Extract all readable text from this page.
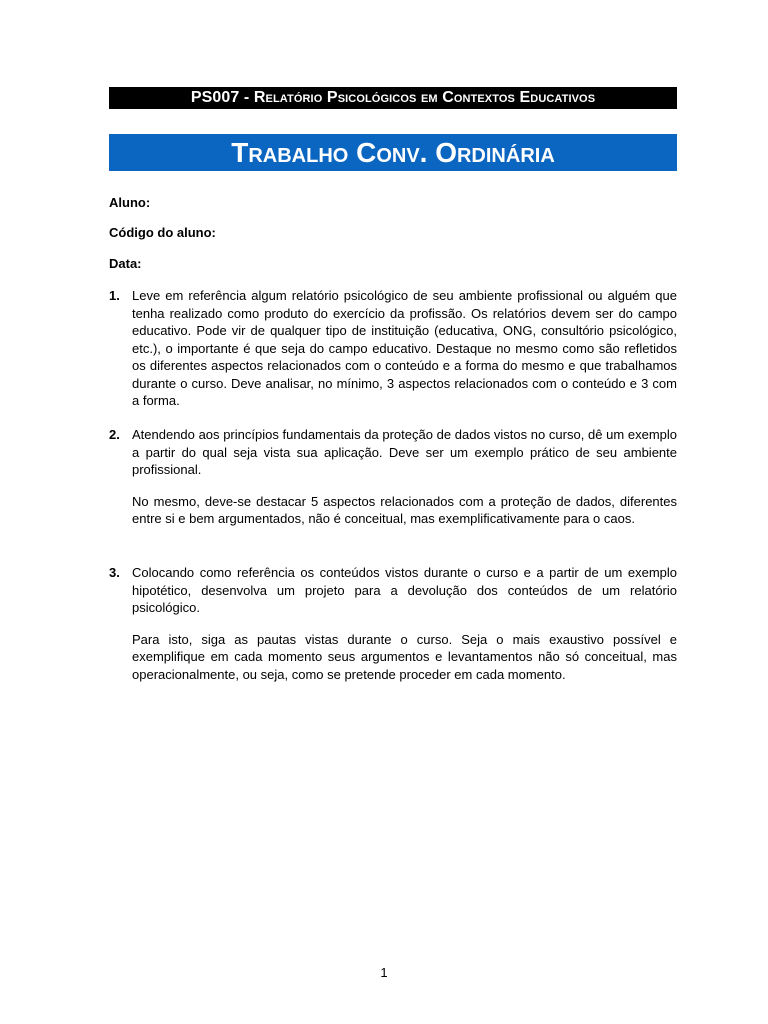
PS007 - Relatório Psicológicos em Contextos Educativos
Trabalho Conv. Ordinária
Aluno:
Código do aluno:
Data:
1. Leve em referência algum relatório psicológico de seu ambiente profissional ou alguém que tenha realizado como produto do exercício da profissão. Os relatórios devem ser do campo educativo. Pode vir de qualquer tipo de instituição (educativa, ONG, consultório psicológico, etc.), o importante é que seja do campo educativo. Destaque no mesmo como são refletidos os diferentes aspectos relacionados com o conteúdo e a forma do mesmo e que trabalhamos durante o curso. Deve analisar, no mínimo, 3 aspectos relacionados com o conteúdo e 3 com a forma.

2. Atendendo aos princípios fundamentais da proteção de dados vistos no curso, dê um exemplo a partir do qual seja vista sua aplicação. Deve ser um exemplo prático de seu ambiente profissional.

No mesmo, deve-se destacar 5 aspectos relacionados com a proteção de dados, diferentes entre si e bem argumentados, não é conceitual, mas exemplificativamente para o caos.

3. Colocando como referência os conteúdos vistos durante o curso e a partir de um exemplo hipotético, desenvolva um projeto para a devolução dos conteúdos de um relatório psicológico.

Para isto, siga as pautas vistas durante o curso. Seja o mais exaustivo possível e exemplifique em cada momento seus argumentos e levantamentos não só conceitual, mas operacionalmente, ou seja, como se pretende proceder em cada momento.

1
